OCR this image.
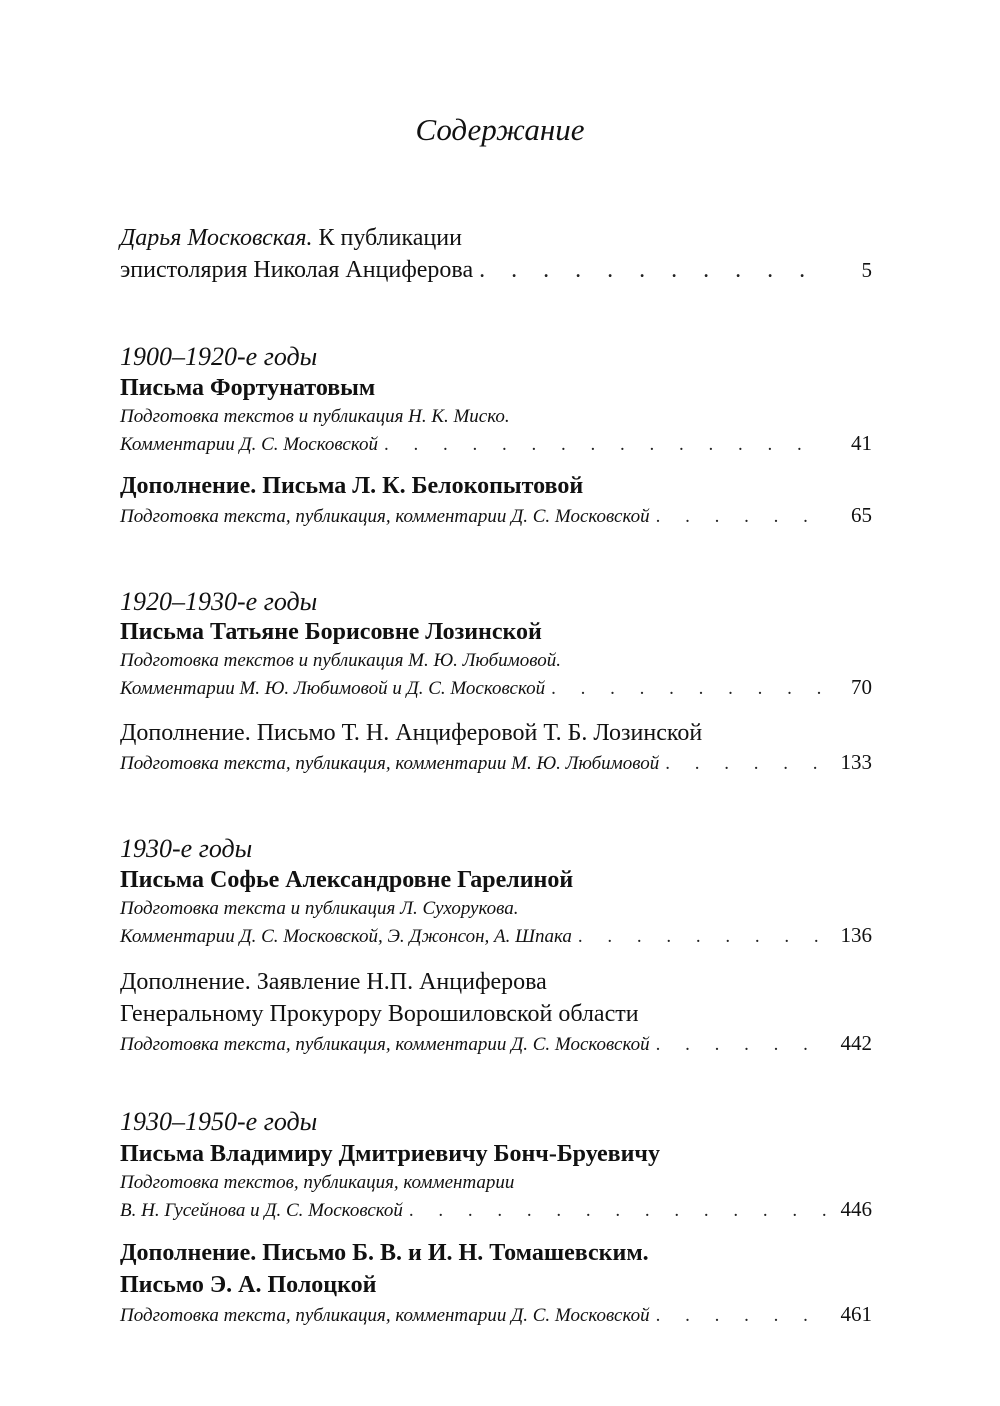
Содержание
Дарья Московская. К публикации
эпистолярия Николая Анциферова . . .	5
1900–1920-е годы
Письма Фортунатовым
Подготовка текстов и публикация Н. К. Миско.
Комментарии Д. С. Московской . . .	41
Дополнение. Письма Л. К. Белокопытовой
Подготовка текста, публикация, комментарии Д. С. Московской . . .	65
1920–1930-е годы
Письма Татьяне Борисовне Лозинской
Подготовка текстов и публикация М. Ю. Любимовой.
Комментарии М. Ю. Любимовой и Д. С. Московской . . .	70
Дополнение. Письмо Т. Н. Анциферовой Т. Б. Лозинской
Подготовка текста, публикация, комментарии М. Ю. Любимовой . . .	133
1930-е годы
Письма Софье Александровне Гарелиной
Подготовка текста и публикация Л. Сухорукова.
Комментарии Д. С. Московской, Э. Джонсон, А. Шпака . . .	136
Дополнение. Заявление Н.П. Анциферова
Генеральному Прокурору Ворошиловской области
Подготовка текста, публикация, комментарии Д. С. Московской . . .	442
1930–1950-е годы
Письма Владимиру Дмитриевичу Бонч-Бруевичу
Подготовка текстов, публикация, комментарии
В. Н. Гусейнова и Д. С. Московской . . .	446
Дополнение. Письмо Б. В. и И. Н. Томашевским.
Письмо Э. А. Полоцкой
Подготовка текста, публикация, комментарии Д. С. Московской . . .	461
